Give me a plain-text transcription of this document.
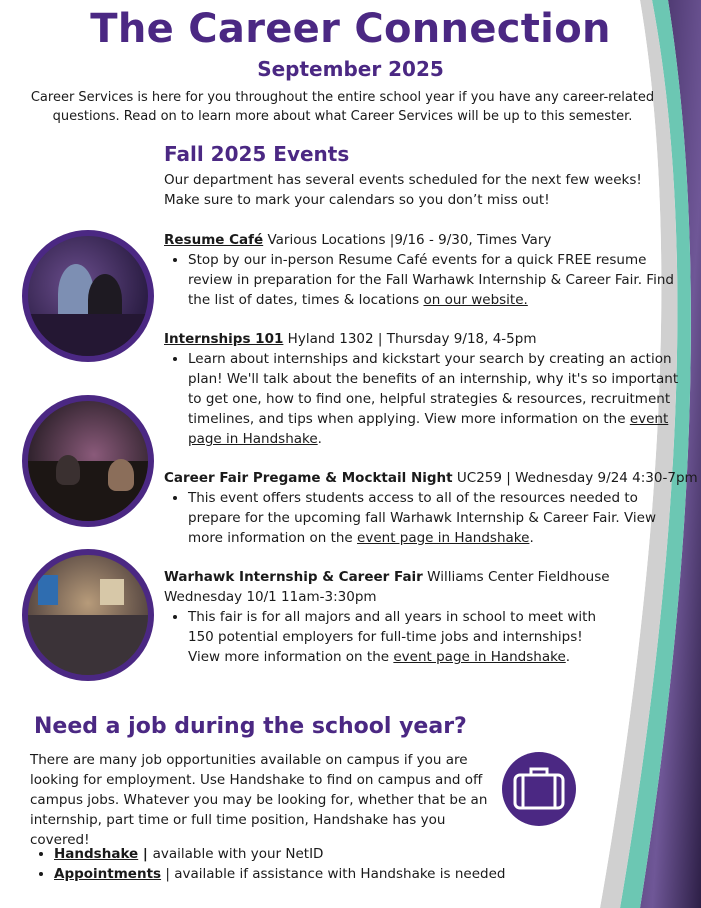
The Career Connection
September 2025
Career Services is here for you throughout the entire school year if you have any career-related questions. Read on to learn more about what Career Services will be up to this semester.
Fall 2025 Events
Our department has several events scheduled for the next few weeks! Make sure to mark your calendars so you don’t miss out!
Resume Café Various Locations |9/16 - 9/30, Times Vary
• Stop by our in-person Resume Café events for a quick FREE resume review in preparation for the Fall Warhawk Internship & Career Fair. Find the list of dates, times & locations on our website.
Internships 101 Hyland 1302 | Thursday 9/18, 4-5pm
• Learn about internships and kickstart your search by creating an action plan! We'll talk about the benefits of an internship, why it's so important to get one, how to find one, helpful strategies & resources, recruitment timelines, and tips when applying. View more information on the event page in Handshake.
Career Fair Pregame & Mocktail Night UC259 | Wednesday 9/24 4:30-7pm
• This event offers students access to all of the resources needed to prepare for the upcoming fall Warhawk Internship & Career Fair. View more information on the event page in Handshake.
Warhawk Internship & Career Fair Williams Center Fieldhouse
Wednesday 10/1 11am-3:30pm
• This fair is for all majors and all years in school to meet with 150 potential employers for full-time jobs and internships! View more information on the event page in Handshake.
Need a job during the school year?
There are many job opportunities available on campus if you are looking for employment. Use Handshake to find on campus and off campus jobs. Whatever you may be looking for, whether that be an internship, part time or full time position, Handshake has you covered!
• Handshake | available with your NetID
• Appointments | available if assistance with Handshake is needed
